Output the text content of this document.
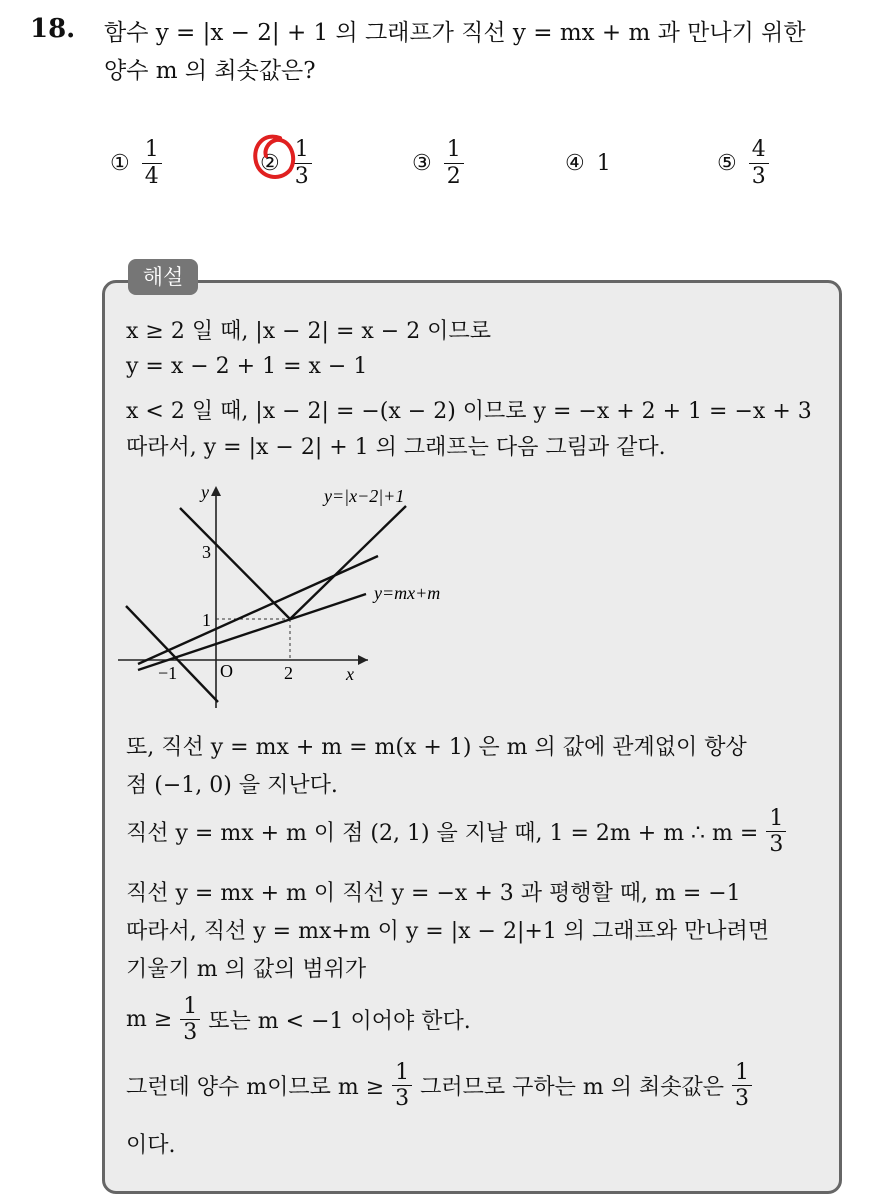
18. 함수 y = |x − 2| + 1 의 그래프가 직선 y = mx + m 과 만나기 위한
양수 m 의 최솟값은?
① $\frac{1}{4}$	② $\frac{1}{3}$	③ $\frac{1}{2}$	④ 1	⑤ $\frac{4}{3}$
해설
x ≥ 2 일 때, |x − 2| = x − 2 이므로
y = x − 2 + 1 = x − 1
x < 2 일 때, |x − 2| = −(x − 2) 이므로 y = −x + 2 + 1 = −x + 3
따라서, y = |x − 2| + 1 의 그래프는 다음 그림과 같다.
y
x
O
3
1
−1	2
y=|x−2|+1
y=mx+m
또, 직선 y = mx + m = m(x + 1) 은 m 의 값에 관계없이 항상
점 (−1, 0) 을 지난다.
직선 y = mx + m 이 점 (2, 1) 을 지날 때, 1 = 2m + m ∴ $m = \frac{1}{3}$
직선 y = mx + m 이 직선 y = −x + 3 과 평행할 때, m = −1
따라서, 직선 y = mx+m 이 y = |x − 2|+1 의 그래프와 만나려면
기울기 m 의 값의 범위가
$m \ge \frac{1}{3}$ 또는 m < −1 이어야 한다.
그런데 양수 m이므로 $m \ge \frac{1}{3}$ 그러므로 구하는 m 의 최솟값은 $\frac{1}{3}$
이다.
